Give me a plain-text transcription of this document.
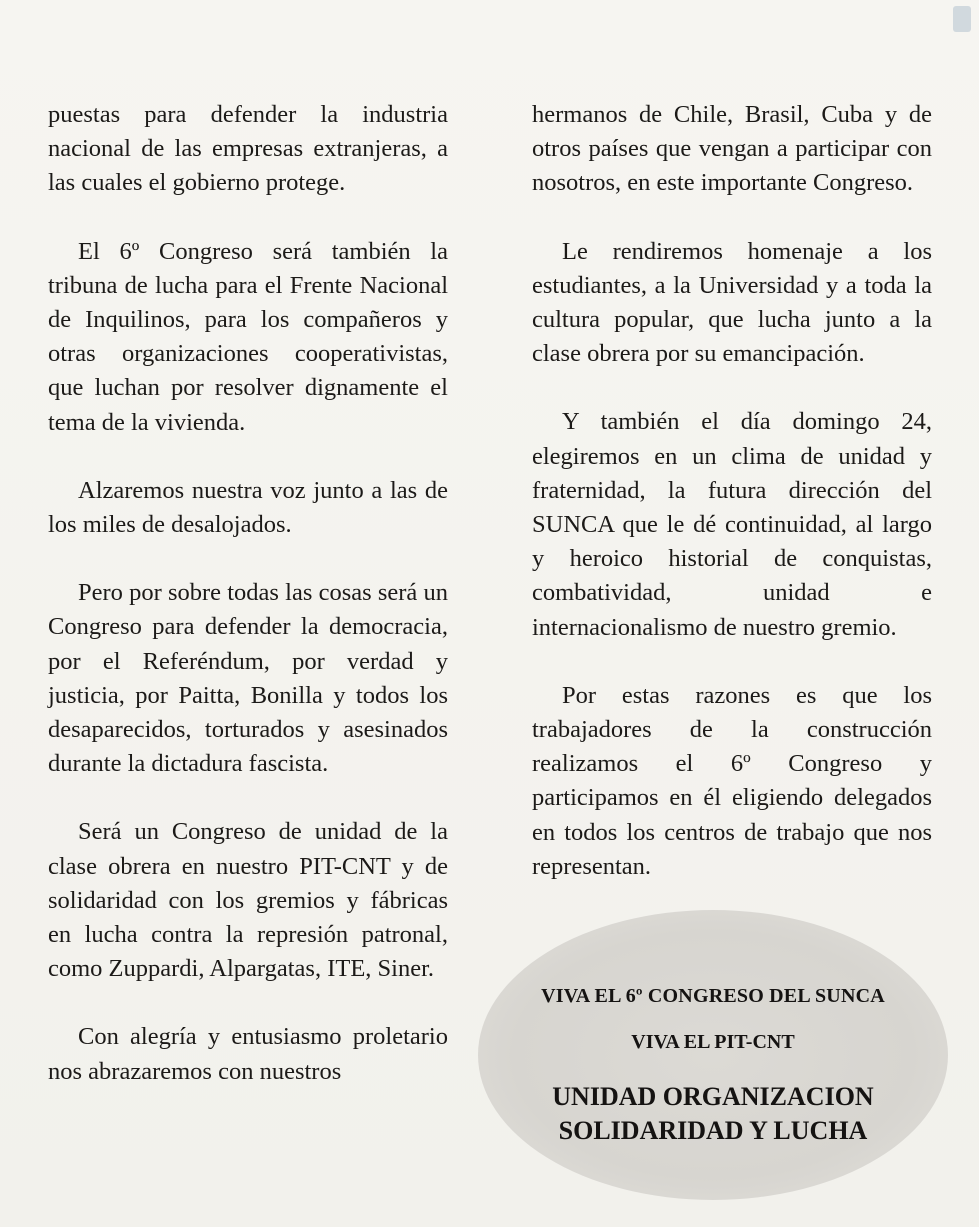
puestas para defender la industria nacional de las empresas extranjeras, a las cuales el gobierno protege.

El 6º Congreso será también la tribuna de lucha para el Frente Nacional de Inquilinos, para los compañeros y otras organizaciones cooperativistas, que luchan por resolver dignamente el tema de la vivienda.

Alzaremos nuestra voz junto a las de los miles de desalojados.

Pero por sobre todas las cosas será un Congreso para defender la democracia, por el Referéndum, por verdad y justicia, por Paitta, Bonilla y todos los desaparecidos, torturados y asesinados durante la dictadura fascista.

Será un Congreso de unidad de la clase obrera en nuestro PIT-CNT y de solidaridad con los gremios y fábricas en lucha contra la represión patronal, como Zuppardi, Alpargatas, ITE, Siner.

Con alegría y entusiasmo proletario nos abrazaremos con nuestros

hermanos de Chile, Brasil, Cuba y de otros países que vengan a participar con nosotros, en este importante Congreso.

Le rendiremos homenaje a los estudiantes, a la Universidad y a toda la cultura popular, que lucha junto a la clase obrera por su emancipación.

Y también el día domingo 24, elegiremos en un clima de unidad y fraternidad, la futura dirección del SUNCA que le dé continuidad, al largo y heroico historial de conquistas, combatividad, unidad e internacionalismo de nuestro gremio.

Por estas razones es que los trabajadores de la construcción realizamos el 6º Congreso y participamos en él eligiendo delegados en todos los centros de trabajo que nos representan.

VIVA EL 6º CONGRESO DEL SUNCA
VIVA EL PIT-CNT
UNIDAD ORGANIZACION
SOLIDARIDAD Y LUCHA
